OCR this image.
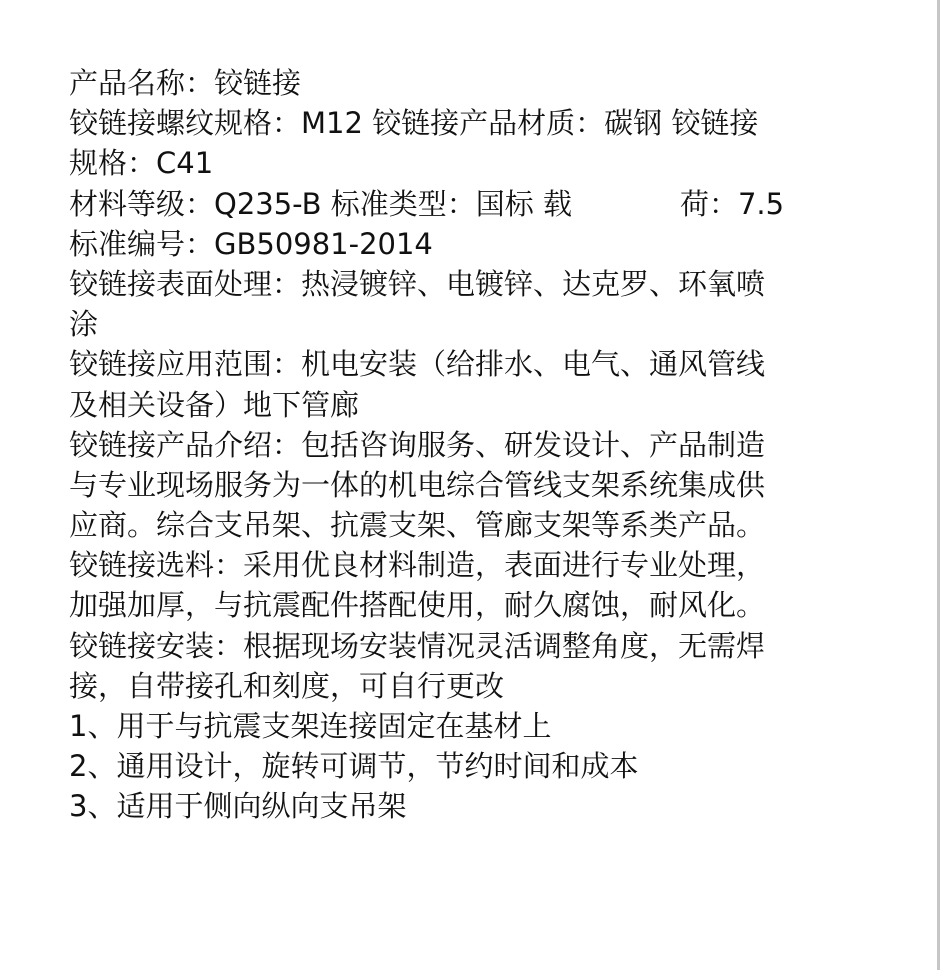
产品名称：铰链接
铰链接螺纹规格：M12 铰链接产品材质：碳钢 铰链接
规格：C41
材料等级：Q235-B 标准类型：国标 载	荷：7.5
标准编号：GB50981-2014
铰链接表面处理：热浸镀锌、电镀锌、达克罗、环氧喷
涂
铰链接应用范围：机电安装（给排水、电气、通风管线
及相关设备）地下管廊
铰链接产品介绍：包括咨询服务、研发设计、产品制造
与专业现场服务为一体的机电综合管线支架系统集成供
应商。综合支吊架、抗震支架、管廊支架等系类产品。
铰链接选料：采用优良材料制造，表面进行专业处理，
加强加厚，与抗震配件搭配使用，耐久腐蚀，耐风化。
铰链接安装：根据现场安装情况灵活调整角度，无需焊
接，自带接孔和刻度，可自行更改
1、用于与抗震支架连接固定在基材上
2、通用设计，旋转可调节，节约时间和成本
3、适用于侧向纵向支吊架
